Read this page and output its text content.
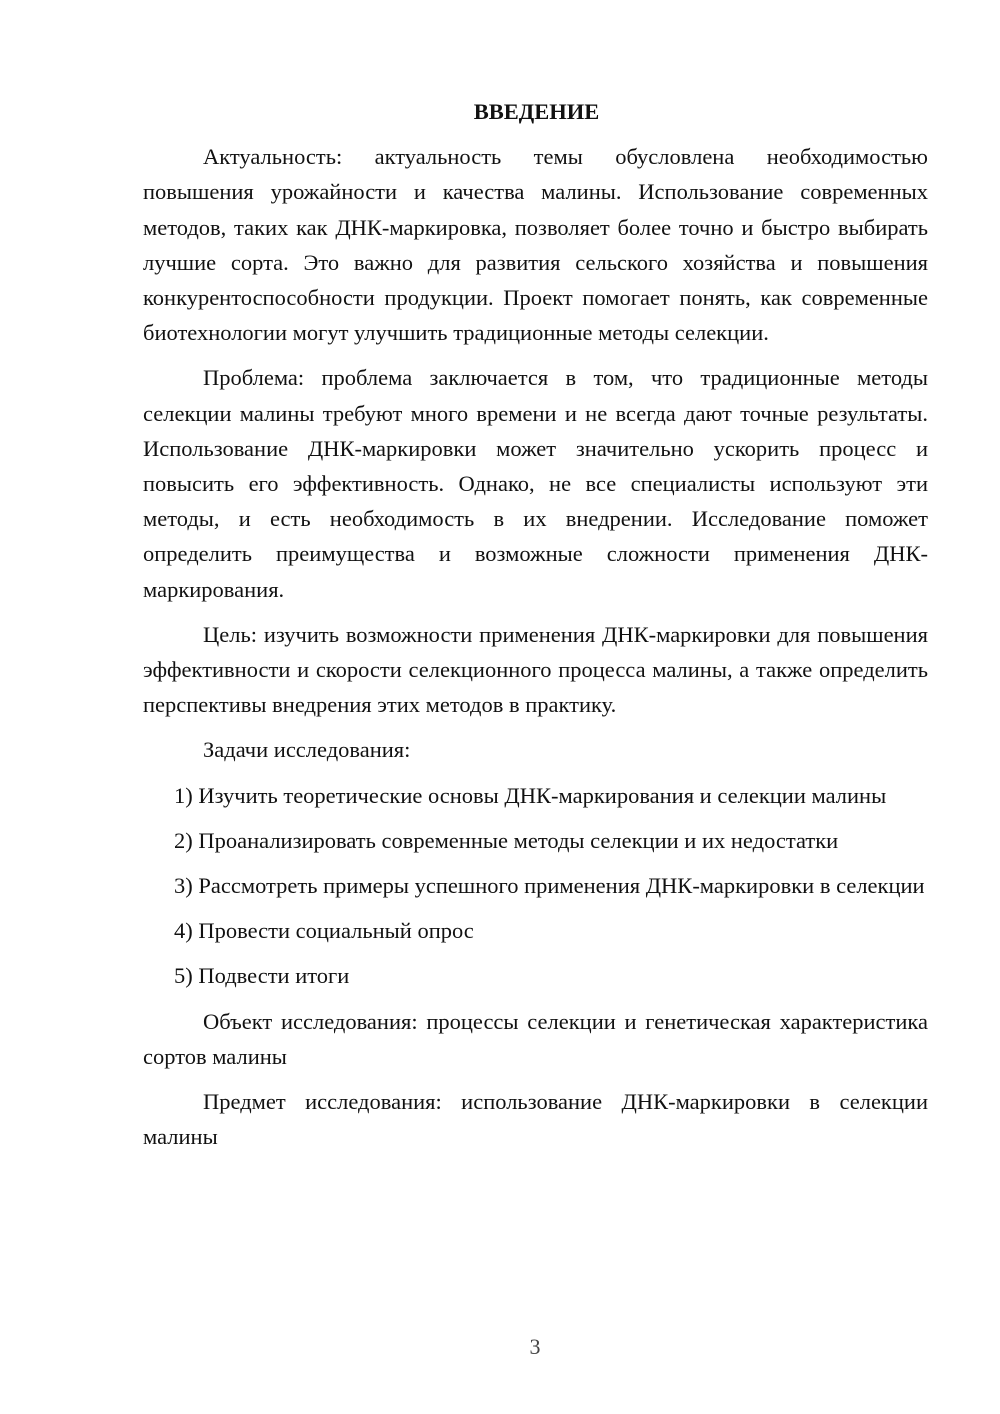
ВВЕДЕНИЕ

Актуальность: актуальность темы обусловлена необходимостью повышения урожайности и качества малины. Использование современных методов, таких как ДНК-маркировка, позволяет более точно и быстро выбирать лучшие сорта. Это важно для развития сельского хозяйства и повышения конкурентоспособности продукции. Проект помогает понять, как современные биотехнологии могут улучшить традиционные методы селекции.

Проблема: проблема заключается в том, что традиционные методы селекции малины требуют много времени и не всегда дают точные результаты. Использование ДНК-маркировки может значительно ускорить процесс и повысить его эффективность. Однако, не все специалисты используют эти методы, и есть необходимость в их внедрении. Исследование поможет определить преимущества и возможные сложности применения ДНК-маркирования.

Цель: изучить возможности применения ДНК-маркировки для повышения эффективности и скорости селекционного процесса малины, а также определить перспективы внедрения этих методов в практику.

Задачи исследования:

1) Изучить теоретические основы ДНК-маркирования и селекции малины

2) Проанализировать современные методы селекции и их недостатки

3) Рассмотреть примеры успешного применения ДНК-маркировки в селекции

4) Провести социальный опрос

5) Подвести итоги

Объект исследования: процессы селекции и генетическая характеристика сортов малины

Предмет исследования: использование ДНК-маркировки в селекции малины

3
